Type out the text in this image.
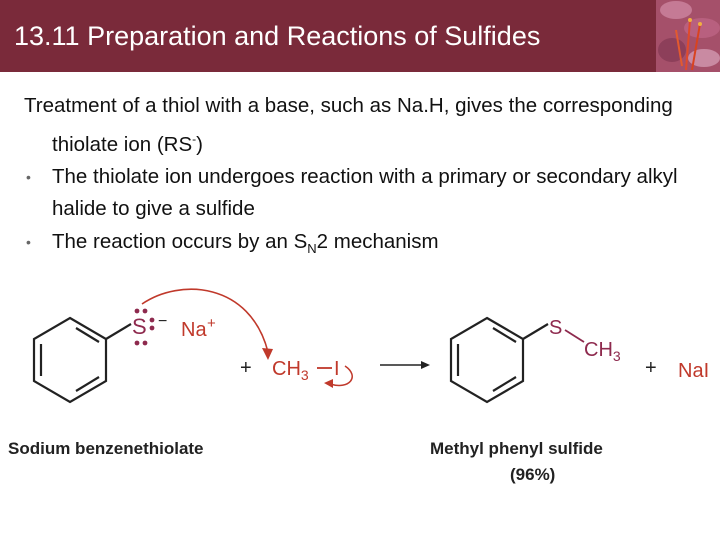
13.11 Preparation and Reactions of Sulfides

Treatment of a thiol with a base, such as Na.H, gives the corresponding thiolate ion (RS-)

• The thiolate ion undergoes reaction with a primary or secondary alkyl halide to give a sulfide

• The reaction occurs by an $S_N2$ mechanism

S − Na +
+ $CH_3$ I
S
$CH_3$
+ NaI
Sodium benzenethiolate	Methyl phenyl sulfide
(96%)
